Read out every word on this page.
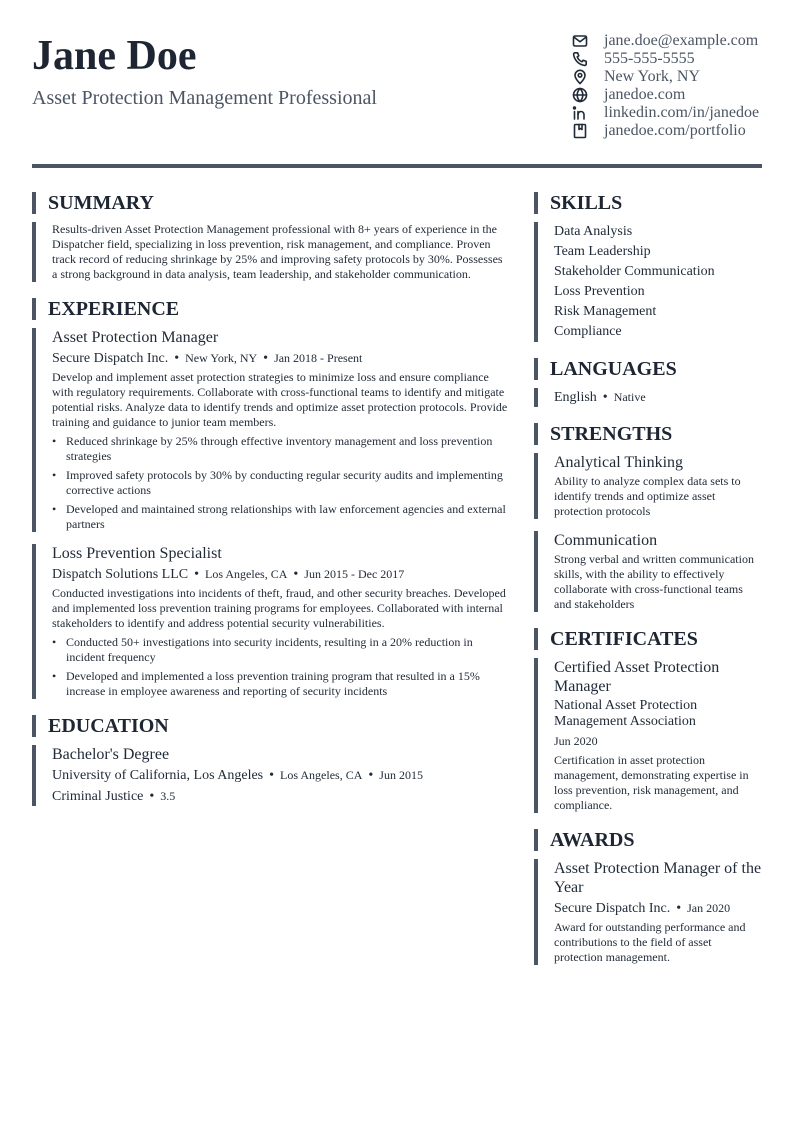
Jane Doe
Asset Protection Management Professional
jane.doe@example.com
555-555-5555
New York, NY
janedoe.com
linkedin.com/in/janedoe
janedoe.com/portfolio
SUMMARY

Results-driven Asset Protection Management professional with 8+ years of experience in the Dispatcher field, specializing in loss prevention, risk management, and compliance. Proven track record of reducing shrinkage by 25% and improving safety protocols by 30%. Possesses a strong background in data analysis, team leadership, and stakeholder communication.

EXPERIENCE

Asset Protection Manager

Secure Dispatch Inc. • New York, NY • Jan 2018 - Present

Develop and implement asset protection strategies to minimize loss and ensure compliance with regulatory requirements. Collaborate with cross-functional teams to identify and mitigate potential risks. Analyze data to identify trends and optimize asset protection protocols. Provide training and guidance to junior team members.

• Reduced shrinkage by 25% through effective inventory management and loss prevention strategies
• Improved safety protocols by 30% by conducting regular security audits and implementing corrective actions
• Developed and maintained strong relationships with law enforcement agencies and external partners

Loss Prevention Specialist

Dispatch Solutions LLC • Los Angeles, CA • Jun 2015 - Dec 2017

Conducted investigations into incidents of theft, fraud, and other security breaches. Developed and implemented loss prevention training programs for employees. Collaborated with internal stakeholders to identify and address potential security vulnerabilities.

• Conducted 50+ investigations into security incidents, resulting in a 20% reduction in incident frequency
• Developed and implemented a loss prevention training program that resulted in a 15% increase in employee awareness and reporting of security incidents
EDUCATION

Bachelor's Degree

University of California, Los Angeles • Los Angeles, CA • Jun 2015

Criminal Justice • 3.5

SKILLS
Data Analysis
Team Leadership
Stakeholder Communication
Loss Prevention
Risk Management
Compliance
LANGUAGES

English • Native

STRENGTHS

Analytical Thinking

Ability to analyze complex data sets to identify trends and optimize asset protection protocols

Communication

Strong verbal and written communication skills, with the ability to effectively collaborate with cross-functional teams and stakeholders

CERTIFICATES

Certified Asset Protection Manager

National Asset Protection Management Association

Jun 2020

Certification in asset protection management, demonstrating expertise in loss prevention, risk management, and compliance.

AWARDS

Asset Protection Manager of the Year

Secure Dispatch Inc. • Jan 2020

Award for outstanding performance and contributions to the field of asset protection management.
